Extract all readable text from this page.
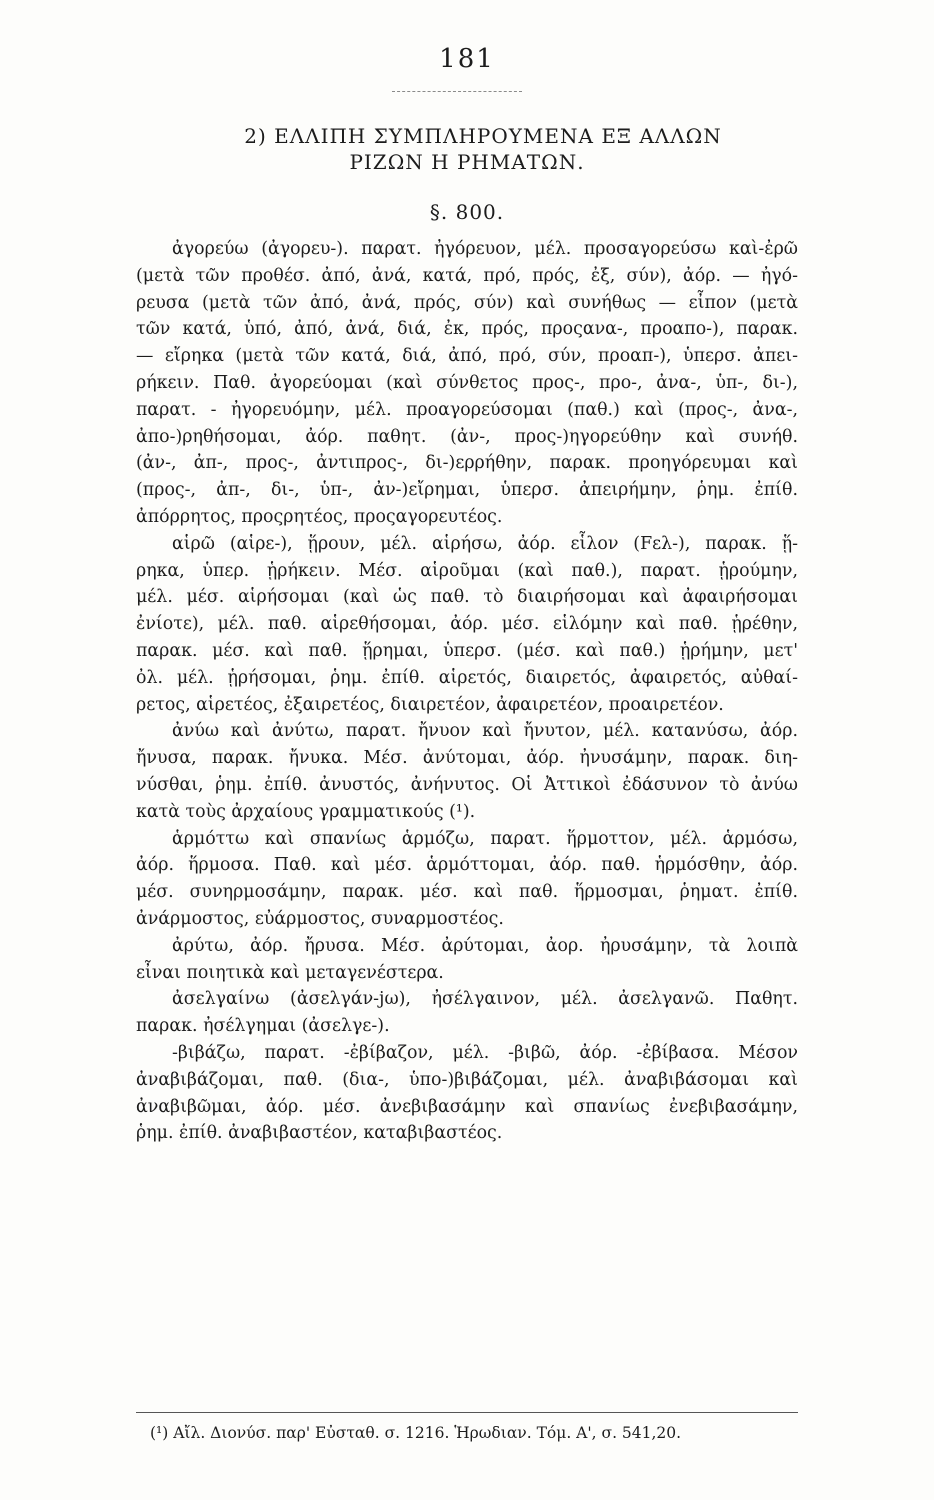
181
2) ΕΛΛΙΠΗ ΣΥΜΠΛΗΡΟΥΜΕΝΑ ΕΞ ΑΛΛΩΝ
ΡΙΖΩΝ Η ΡΗΜΑΤΩΝ.
§. 800.
ἀγορεύω (ἀγορευ-). παρατ. ἠγόρευον, μέλ. προσαγορεύσω καὶ-ἐρῶ
(μετὰ τῶν προθέσ. ἀπό, ἀνά, κατά, πρό, πρός, ἐξ, σύν), ἀόρ. — ἠγό-
ρευσα (μετὰ τῶν ἀπό, ἀνά, πρός, σύν) καὶ συνήθως — εἶπον (μετὰ
τῶν κατά, ὑπό, ἀπό, ἀνά, διά, ἐκ, πρός, προςανα-, προαπο-), παρακ.
— εἴρηκα (μετὰ τῶν κατά, διά, ἀπό, πρό, σύν, προαπ-), ὑπερσ. ἀπει-
ρήκειν. Παθ. ἀγορεύομαι (καὶ σύνθετος προς-, προ-, ἀνα-, ὑπ-, δι-),
παρατ. - ἠγορευόμην, μέλ. προαγορεύσομαι (παθ.) καὶ (προς-, ἀνα-,
ἀπο-)ρηθήσομαι, ἀόρ. παθητ. (ἀν-, προς-)ηγορεύθην καὶ συνήθ.
(ἀν-, ἀπ-, προς-, ἀντιπρος-, δι-)ερρήθην, παρακ. προηγόρευμαι καὶ
(προς-, ἀπ-, δι-, ὑπ-, ἀν-)εἴρημαι, ὑπερσ. ἀπειρήμην, ῥημ. ἐπίθ.
ἀπόρρητος, προςρητέος, προςαγορευτέος.
αἱρῶ (αἱρε-), ᾕρουν, μέλ. αἱρήσω, ἀόρ. εἷλον (Fελ-), παρακ. ᾕ-
ρηκα, ὑπερ. ᾑρήκειν. Μέσ. αἱροῦμαι (καὶ παθ.), παρατ. ᾑρούμην,
μέλ. μέσ. αἱρήσομαι (καὶ ὡς παθ. τὸ διαιρήσομαι καὶ ἀφαιρήσομαι
ἐνίοτε), μέλ. παθ. αἱρεθήσομαι, ἀόρ. μέσ. εἱλόμην καὶ παθ. ᾑρέθην,
παρακ. μέσ. καὶ παθ. ᾕρημαι, ὑπερσ. (μέσ. καὶ παθ.) ᾑρήμην, μετ'
ὀλ. μέλ. ᾑρήσομαι, ῥημ. ἐπίθ. αἱρετός, διαιρετός, ἀφαιρετός, αὐθαί-
ρετος, αἱρετέος, ἐξαιρετέος, διαιρετέον, ἀφαιρετέον, προαιρετέον.
ἀνύω καὶ ἀνύτω, παρατ. ἤνυον καὶ ἤνυτον, μέλ. κατανύσω, ἀόρ.
ἤνυσα, παρακ. ἤνυκα. Μέσ. ἀνύτομαι, ἀόρ. ἠνυσάμην, παρακ. διη-
νύσθαι, ῥημ. ἐπίθ. ἀνυστός, ἀνήνυτος. Οἱ Ἀττικοὶ ἐδάσυνον τὸ ἀνύω
κατὰ τοὺς ἀρχαίους γραμματικούς (¹).
ἁρμόττω καὶ σπανίως ἁρμόζω, παρατ. ἥρμοττον, μέλ. ἁρμόσω,
ἀόρ. ἥρμοσα. Παθ. καὶ μέσ. ἁρμόττομαι, ἀόρ. παθ. ἡρμόσθην, ἀόρ.
μέσ. συνηρμοσάμην, παρακ. μέσ. καὶ παθ. ἥρμοσμαι, ῥηματ. ἐπίθ.
ἀνάρμοστος, εὐάρμοστος, συναρμοστέος.
ἀρύτω, ἀόρ. ἤρυσα. Μέσ. ἀρύτομαι, ἀορ. ἠρυσάμην, τὰ λοιπὰ
εἶναι ποιητικὰ καὶ μεταγενέστερα.
ἀσελγαίνω (ἀσελγάν-jω), ἠσέλγαινον, μέλ. ἀσελγανῶ. Παθητ.
παρακ. ἠσέλγημαι (ἀσελγε-).
-βιβάζω, παρατ. -ἐβίβαζον, μέλ. -βιβῶ, ἀόρ. -ἐβίβασα. Μέσον
ἀναβιβάζομαι, παθ. (δια-, ὑπο-)βιβάζομαι, μέλ. ἀναβιβάσομαι καὶ
ἀναβιβῶμαι, ἀόρ. μέσ. ἀνεβιβασάμην καὶ σπανίως ἐνεβιβασάμην,
ῥημ. ἐπίθ. ἀναβιβαστέον, καταβιβαστέος.
(¹) Αἴλ. Διονύσ. παρ' Εὐσταθ. σ. 1216. Ἡρωδιαν. Τόμ. Α', σ. 541,20.
